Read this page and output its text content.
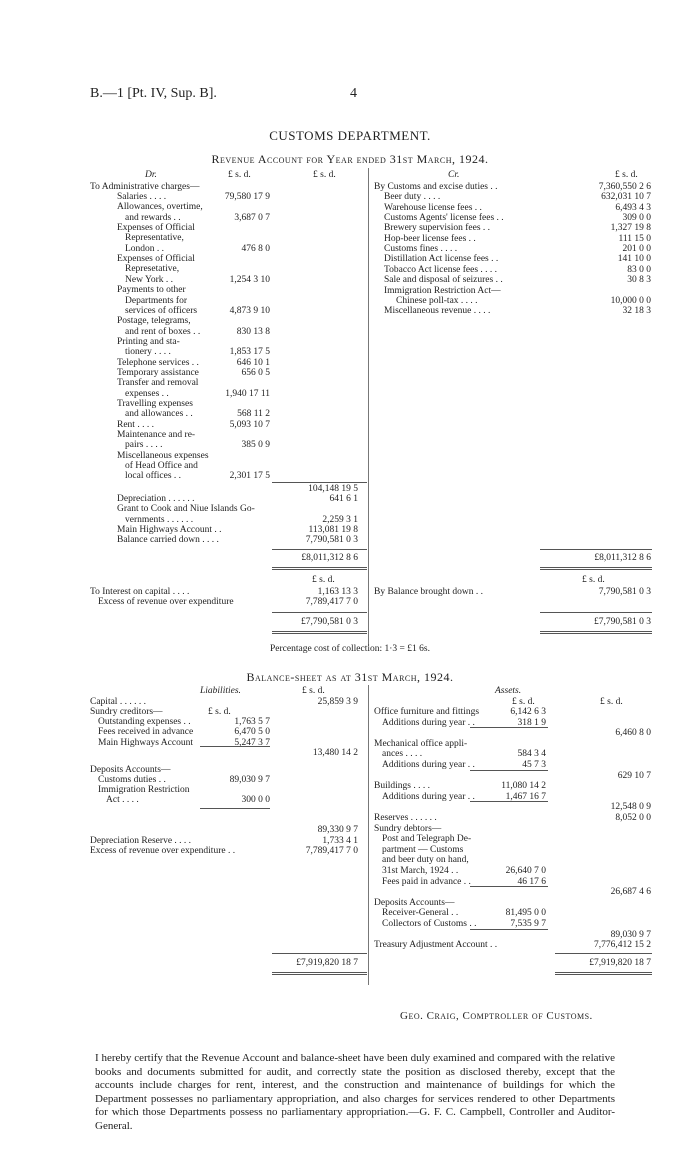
B.—1 [Pt. IV, Sup. B].	4
CUSTOMS DEPARTMENT.
Revenue Account for Year ended 31st March, 1924.
Dr.	£ s. d.	£ s. d.	Cr.	£ s. d.
To Administrative charges—
Salaries . . . .	79,580 17 9
Allowances, overtime,
and rewards . .	3,687 0 7
Expenses of Official
Representative,
London . .	476 8 0
Expenses of Official
Represetative,
New York . .	1,254 3 10
Payments to other
Departments for
services of officers	4,873 9 10
Postage, telegrams,
and rent of boxes . .	830 13 8
Printing and sta-
tionery . . . .	1,853 17 5
Telephone services . .	646 10 1
Temporary assistance	656 0 5
Transfer and removal
expenses . .	1,940 17 11
Travelling expenses
and allowances . .	568 11 2
Rent . . . .	5,093 10 7
Maintenance and re-
pairs . . . .	385 0 9
Miscellaneous expenses
of Head Office and
local offices . .	2,301 17 5
104,148 19 5
Depreciation . . . . . .	641 6 1
Grant to Cook and Niue Islands Go-
vernments . . . . . .	2,259 3 1
Main Highways Account . .	113,081 19 8
Balance carried down . . . .	7,790,581 0 3
By Customs and excise duties . .	7,360,550 2 6
Beer duty . . . .	632,031 10 7
Warehouse license fees . .	6,493 4 3
Customs Agents' license fees . .	309 0 0
Brewery supervision fees . .	1,327 19 8
Hop-beer license fees . .	111 15 0
Customs fines . . . .	201 0 0
Distillation Act license fees . .	141 10 0
Tobacco Act license fees . . . .	83 0 0
Sale and disposal of seizures . .	30 8 3
Immigration Restriction Act—
Chinese poll-tax . . . .	10,000 0 0
Miscellaneous revenue . . . .	32 18 3
£8,011,312 8 6	£8,011,312 8 6
£ s. d.	£ s. d.
To Interest on capital . . . .	1,163 13 3
Excess of revenue over expenditure	7,789,417 7 0
By Balance brought down . .	7,790,581 0 3
£7,790,581 0 3	£7,790,581 0 3
Percentage cost of collection: 1·3 = £1 6s.
Balance-sheet as at 31st March, 1924.
Liabilities.	£ s. d.	Assets.
£ s. d.	£ s. d.
Capital . . . . . .	25,859 3 9
Sundry creditors—	£ s. d.
Outstanding expenses . .	1,763 5 7
Fees received in advance	6,470 5 0
Main Highways Account	5,247 3 7
13,480 14 2
Deposits Accounts—
Customs duties . .	89,030 9 7
Immigration Restriction
Act . . . .	300 0 0
89,330 9 7
Depreciation Reserve . . . .	1,733 4 1
Excess of revenue over expenditure . .	7,789,417 7 0
Office furniture and fittings	6,142 6 3
Additions during year . .	318 1 9
6,460 8 0
Mechanical office appli-
ances . . . .	584 3 4
Additions during year . .	45 7 3
629 10 7
Buildings . . . .	11,080 14 2
Additions during year . .	1,467 16 7
12,548 0 9
Reserves . . . . . .	8,052 0 0
Sundry debtors—
Post and Telegraph De-
partment — Customs
and beer duty on hand,
31st March, 1924 . .	26,640 7 0
Fees paid in advance . .	46 17 6
26,687 4 6
Deposits Accounts—
Receiver-General . .	81,495 0 0
Collectors of Customs . .	7,535 9 7
89,030 9 7
Treasury Adjustment Account . .	7,776,412 15 2
£7,919,820 18 7	£7,919,820 18 7
Geo. Craig, Comptroller of Customs.
I hereby certify that the Revenue Account and balance-sheet have been duly examined and compared with the relative books and documents submitted for audit, and correctly state the position as disclosed thereby, except that the accounts include charges for rent, interest, and the construction and maintenance of buildings for which the Department possesses no parliamentary appropriation, and also charges for services rendered to other Departments for which those Departments possess no parliamentary appropriation.—G. F. C. Campbell, Controller and Auditor-General.
